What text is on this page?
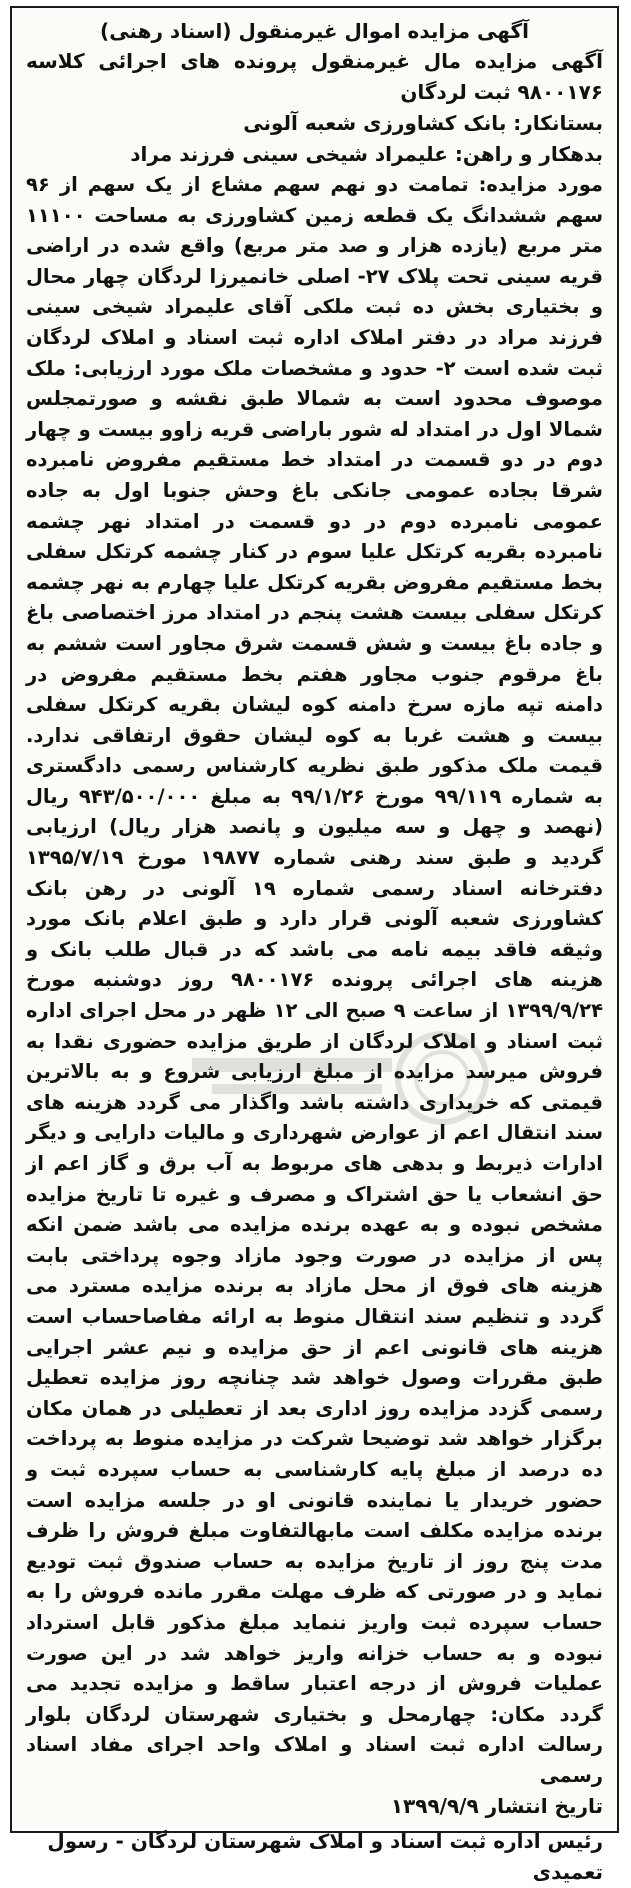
آگهی مزایده اموال غیرمنقول (اسناد رهنی)
آگهی مزایده مال غیرمنقول پرونده های اجرائی کلاسه ۹۸۰۰۱۷۶ ثبت لردگان
بستانکار: بانک کشاورزی شعبه آلونی
بدهکار و راهن: علیمراد شیخی سینی فرزند مراد

مورد مزایده: تمامت دو نهم سهم مشاع از یک سهم از ۹۶ سهم ششدانگ یک قطعه زمین کشاورزی به مساحت ۱۱۱۰۰ متر مربع (یازده هزار و صد متر مربع) واقع شده در اراضی قریه سینی تحت پلاک ۲۷- اصلی خانمیرزا لردگان چهار محال و بختیاری بخش ده ثبت ملکی آقای علیمراد شیخی سینی فرزند مراد در دفتر املاک اداره ثبت اسناد و املاک لردگان ثبت شده است ۲- حدود و مشخصات ملک مورد ارزیابی: ملک موصوف محدود است به شمالا طبق نقشه و صورتمجلس شمالا اول در امتداد له شور باراضی قریه زاوو بیست و چهار دوم در دو قسمت در امتداد خط مستقیم مفروض نامبرده شرقا بجاده عمومی جانکی باغ وحش جنوبا اول به جاده عمومی نامبرده دوم در دو قسمت در امتداد نهر چشمه نامبرده بقریه کرتکل علیا سوم در کنار چشمه کرتکل سفلی بخط مستقیم مفروض بقریه کرتکل علیا چهارم به نهر چشمه کرتکل سفلی بیست هشت پنجم در امتداد مرز اختصاصی باغ و جاده باغ بیست و شش قسمت شرق مجاور است ششم به باغ مرقوم جنوب مجاور هفتم بخط مستقیم مفروض در دامنه تپه مازه سرخ دامنه کوه لیشان بقریه کرتکل سفلی بیست و هشت غربا به کوه لیشان حقوق ارتفاقی ندارد. قیمت ملک مذکور طبق نظریه کارشناس رسمی دادگستری به شماره ۹۹/۱۱۹ مورخ ۹۹/۱/۲۶ به مبلغ ۹۴۳/۵۰۰/۰۰۰ ریال (نهصد و چهل و سه میلیون و پانصد هزار ریال) ارزیابی گردید و طبق سند رهنی شماره ۱۹۸۷۷ مورخ ۱۳۹۵/۷/۱۹ دفترخانه اسناد رسمی شماره ۱۹ آلونی در رهن بانک کشاورزی شعبه آلونی قرار دارد و طبق اعلام بانک مورد وثیقه فاقد بیمه نامه می باشد که در قبال طلب بانک و هزینه های اجرائی پرونده ۹۸۰۰۱۷۶ روز دوشنبه مورخ ۱۳۹۹/۹/۲۴ از ساعت ۹ صبح الی ۱۲ ظهر در محل اجرای اداره ثبت اسناد و املاک لردگان از طریق مزایده حضوری نقدا به فروش میرسد مزایده از مبلغ ارزیابی شروع و به بالاترین قیمتی که خریداری داشته باشد واگذار می گردد هزینه های سند انتقال اعم از عوارض شهرداری و مالیات دارایی و دیگر ادارات ذیربط و بدهی های مربوط به آب برق و گاز اعم از حق انشعاب یا حق اشتراک و مصرف و غیره تا تاریخ مزایده مشخص نبوده و به عهده برنده مزایده می باشد ضمن انکه پس از مزایده در صورت وجود مازاد وجوه پرداختی بابت هزینه های فوق از محل مازاد به برنده مزایده مسترد می گردد و تنظیم سند انتقال منوط به ارائه مفاصاحساب است هزینه های قانونی اعم از حق مزایده و نیم عشر اجرایی طبق مقررات وصول خواهد شد چنانچه روز مزایده تعطیل رسمی گزدد مزایده روز اداری بعد از تعطیلی در همان مکان برگزار خواهد شد توضیحا شرکت در مزایده منوط به پرداخت ده درصد از مبلغ پایه کارشناسی به حساب سپرده ثبت و حضور خریدار یا نماینده قانونی او در جلسه مزایده است برنده مزایده مکلف است مابهالتفاوت مبلغ فروش را ظرف مدت پنج روز از تاریخ مزایده به حساب صندوق ثبت تودیع نماید و در صورتی که ظرف مهلت مقرر مانده فروش را به حساب سپرده ثبت واریز ننماید مبلغ مذکور قابل استرداد نبوده و به حساب خزانه واریز خواهد شد در این صورت عملیات فروش از درجه اعتبار ساقط و مزایده تجدید می گردد مکان: چهارمحل و بختیاری شهرستان لردگان بلوار رسالت اداره ثبت اسناد و املاک واحد اجرای مفاد اسناد رسمی

تاریخ انتشار ۱۳۹۹/۹/۹
رئیس اداره ثبت اسناد و املاک شهرستان لردگان - رسول تعمیدی
